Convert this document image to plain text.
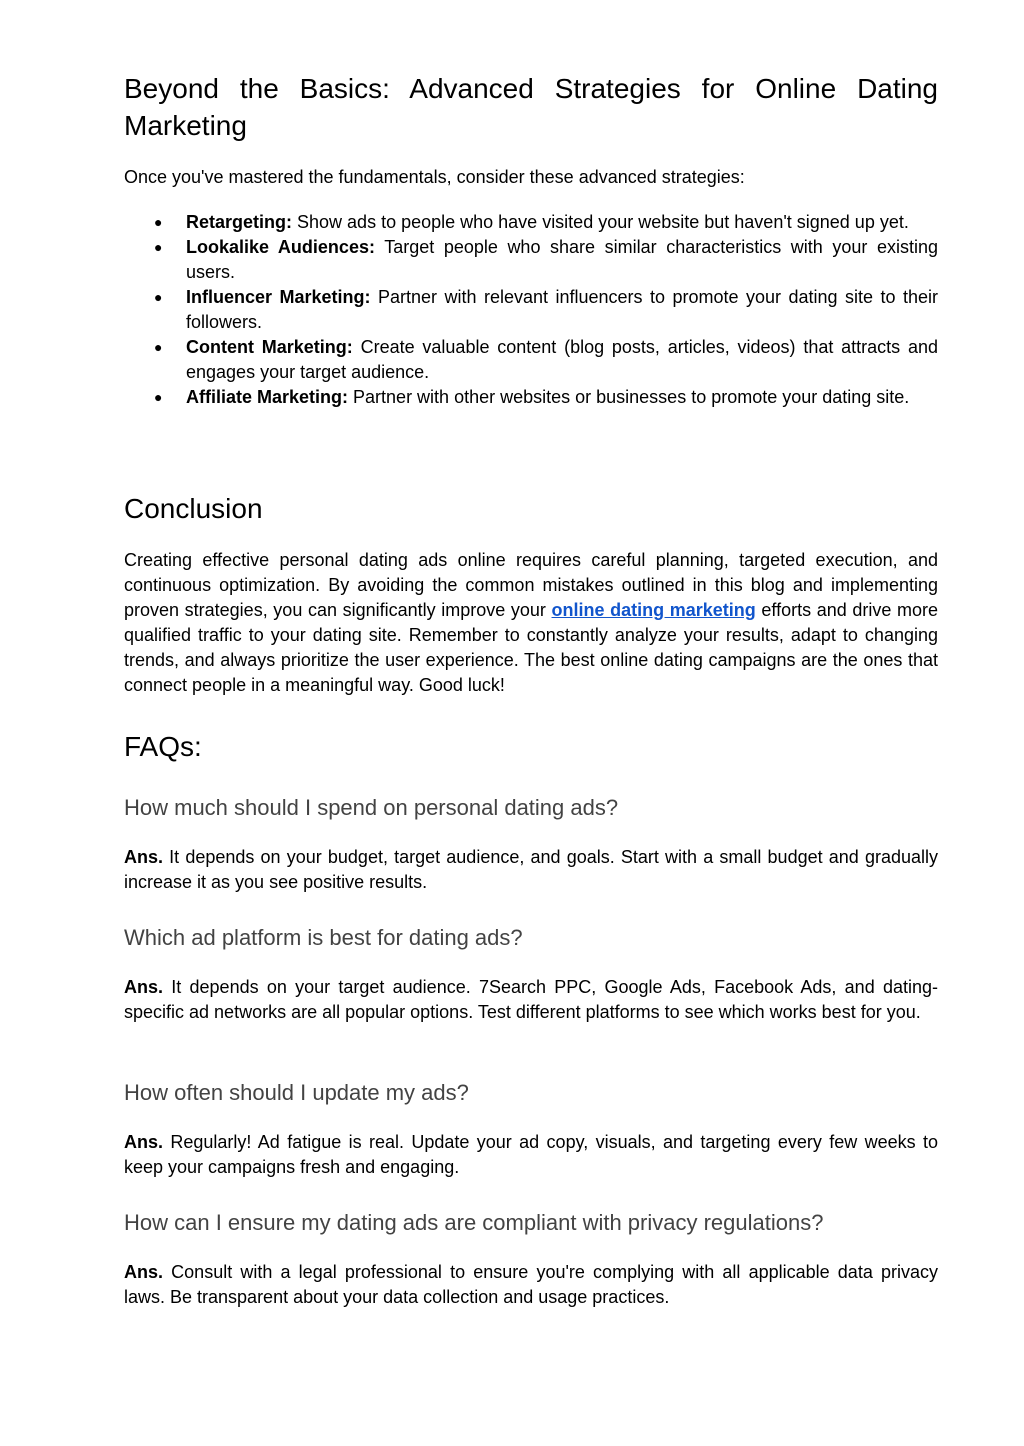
Beyond the Basics: Advanced Strategies for Online Dating Marketing

Once you've mastered the fundamentals, consider these advanced strategies:

● Retargeting: Show ads to people who have visited your website but haven't signed up yet.
● Lookalike Audiences: Target people who share similar characteristics with your existing users.
● Influencer Marketing: Partner with relevant influencers to promote your dating site to their followers.
● Content Marketing: Create valuable content (blog posts, articles, videos) that attracts and engages your target audience.
● Affiliate Marketing: Partner with other websites or businesses to promote your dating site.
Conclusion

Creating effective personal dating ads online requires careful planning, targeted execution, and continuous optimization. By avoiding the common mistakes outlined in this blog and implementing proven strategies, you can significantly improve your online dating marketing efforts and drive more qualified traffic to your dating site. Remember to constantly analyze your results, adapt to changing trends, and always prioritize the user experience. The best online dating campaigns are the ones that connect people in a meaningful way. Good luck!

FAQs:
How much should I spend on personal dating ads?

Ans. It depends on your budget, target audience, and goals. Start with a small budget and gradually increase it as you see positive results.

Which ad platform is best for dating ads?

Ans. It depends on your target audience. 7Search PPC, Google Ads, Facebook Ads, and dating-specific ad networks are all popular options. Test different platforms to see which works best for you.

How often should I update my ads?

Ans. Regularly! Ad fatigue is real. Update your ad copy, visuals, and targeting every few weeks to keep your campaigns fresh and engaging.

How can I ensure my dating ads are compliant with privacy regulations?

Ans. Consult with a legal professional to ensure you're complying with all applicable data privacy laws. Be transparent about your data collection and usage practices.
